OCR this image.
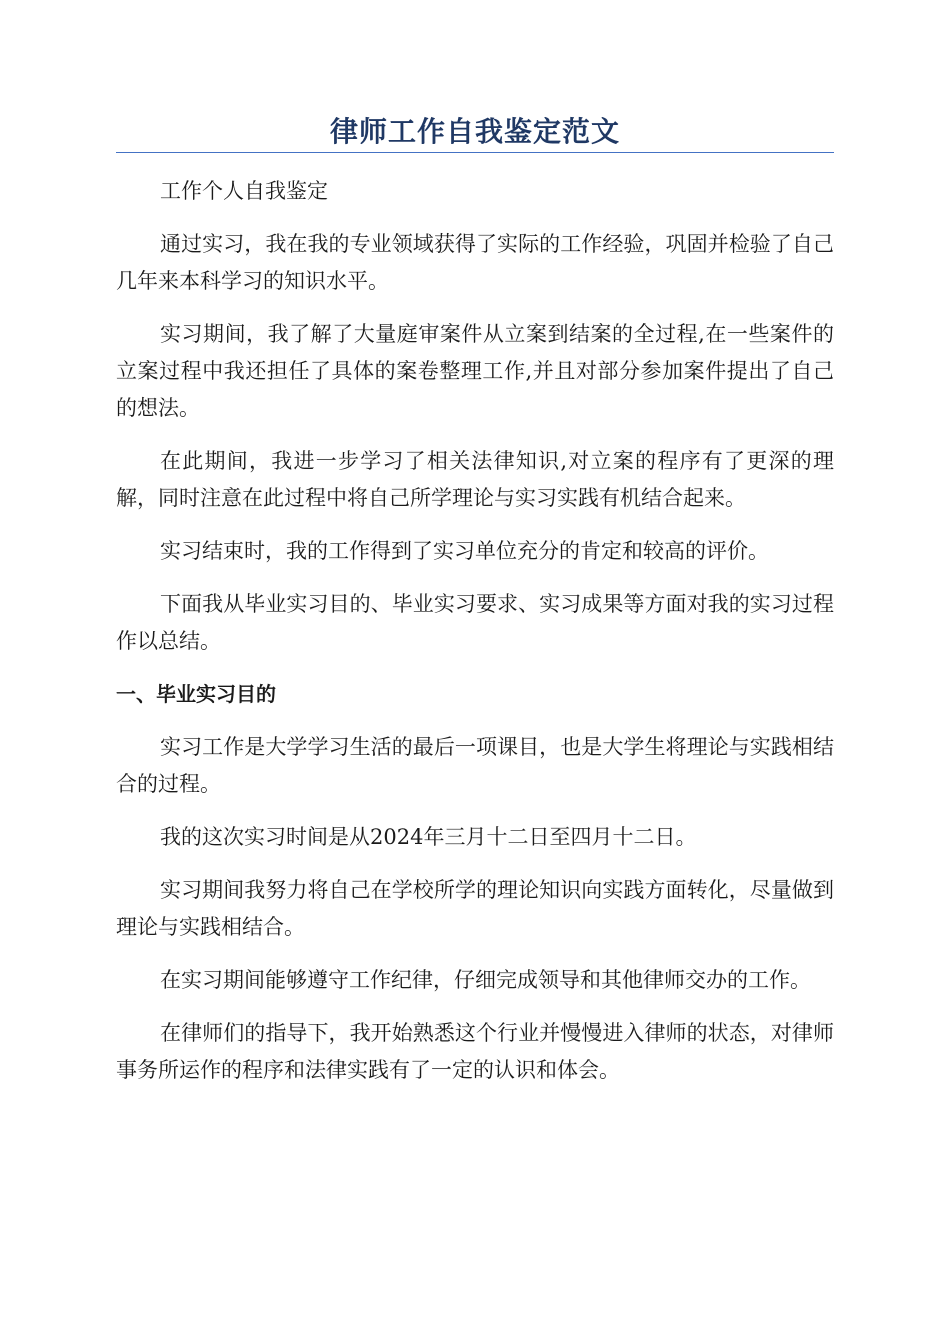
律师工作自我鉴定范文

工作个人自我鉴定

通过实习，我在我的专业领域获得了实际的工作经验，巩固并检验了自己几年来本科学习的知识水平。

实习期间，我了解了大量庭审案件从立案到结案的全过程,在一些案件的立案过程中我还担任了具体的案卷整理工作,并且对部分参加案件提出了自己的想法。

在此期间，我进一步学习了相关法律知识,对立案的程序有了更深的理解，同时注意在此过程中将自己所学理论与实习实践有机结合起来。

实习结束时，我的工作得到了实习单位充分的肯定和较高的评价。

下面我从毕业实习目的、毕业实习要求、实习成果等方面对我的实习过程作以总结。

一、毕业实习目的

实习工作是大学学习生活的最后一项课目，也是大学生将理论与实践相结合的过程。

我的这次实习时间是从2024年三月十二日至四月十二日。

实习期间我努力将自己在学校所学的理论知识向实践方面转化，尽量做到理论与实践相结合。

在实习期间能够遵守工作纪律，仔细完成领导和其他律师交办的工作。

在律师们的指导下，我开始熟悉这个行业并慢慢进入律师的状态，对律师事务所运作的程序和法律实践有了一定的认识和体会。
